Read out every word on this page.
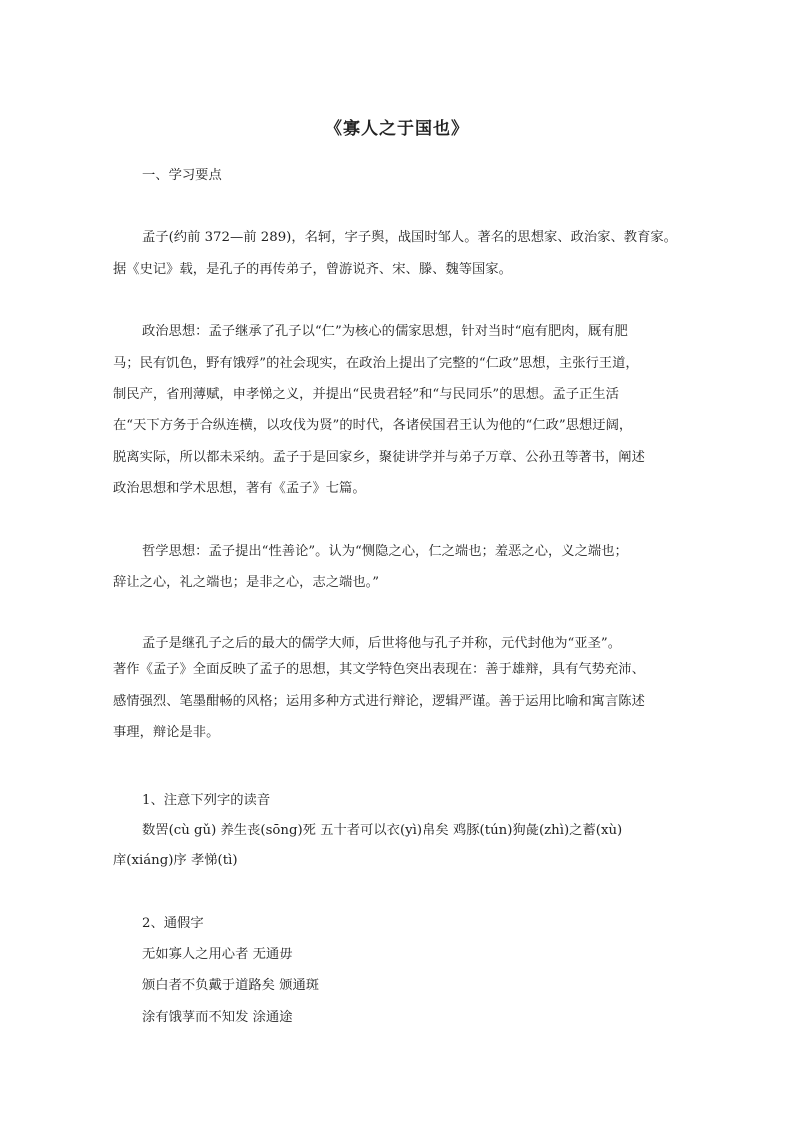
《寡人之于国也》
一、学习要点
孟子(约前 372—前 289)，名轲，字子舆，战国时邹人。著名的思想家、政治家、教育家。
据《史记》载，是孔子的再传弟子，曾游说齐、宋、滕、魏等国家。
政治思想：孟子继承了孔子以“仁”为核心的儒家思想，针对当时“庖有肥肉，厩有肥
马；民有饥色，野有饿殍”的社会现实，在政治上提出了完整的“仁政”思想，主张行王道，
制民产，省刑薄赋，申孝悌之义，并提出“民贵君轻”和“与民同乐”的思想。孟子正生活
在“天下方务于合纵连横，以攻伐为贤”的时代，各诸侯国君王认为他的“仁政”思想迂阔，
脱离实际，所以都未采纳。孟子于是回家乡，聚徒讲学并与弟子万章、公孙丑等著书，阐述
政治思想和学术思想，著有《孟子》七篇。
哲学思想：孟子提出“性善论”。认为“恻隐之心，仁之端也；羞恶之心，义之端也；
辞让之心，礼之端也；是非之心，志之端也。”
孟子是继孔子之后的最大的儒学大师，后世将他与孔子并称，元代封他为“亚圣”。
著作《孟子》全面反映了孟子的思想，其文学特色突出表现在：善于雄辩，具有气势充沛、
感情强烈、笔墨酣畅的风格；运用多种方式进行辩论，逻辑严谨。善于运用比喻和寓言陈述
事理，辩论是非。
1、注意下列字的读音
数罟(cù gǔ) 养生丧(sōng)死 五十者可以衣(yì)帛矣 鸡豚(tún)狗彘(zhì)之蓄(xù)
庠(xiáng)序 孝悌(tì)
2、通假字
无如寡人之用心者 无通毋
颁白者不负戴于道路矣 颁通斑
涂有饿莩而不知发 涂通途
